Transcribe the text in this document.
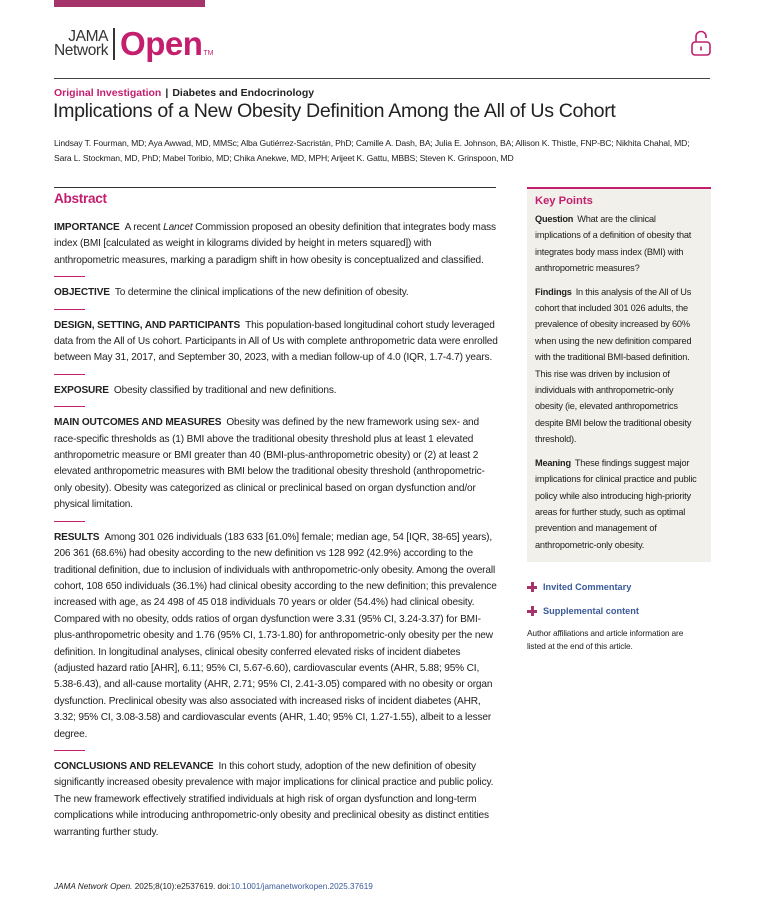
JAMA
Network Open TM
Original Investigation | Diabetes and Endocrinology
Implications of a New Obesity Definition Among the All of Us Cohort
Lindsay T. Fourman, MD; Aya Awwad, MD, MMSc; Alba Gutiérrez-Sacristán, PhD; Camille A. Dash, BA; Julia E. Johnson, BA; Allison K. Thistle, FNP-BC; Nikhita Chahal, MD;
Sara L. Stockman, MD, PhD; Mabel Toribio, MD; Chika Anekwe, MD, MPH; Arijeet K. Gattu, MBBS; Steven K. Grinspoon, MD
Abstract

IMPORTANCE A recent Lancet Commission proposed an obesity definition that integrates body mass index (BMI [calculated as weight in kilograms divided by height in meters squared]) with anthropometric measures, marking a paradigm shift in how obesity is conceptualized and classified.

OBJECTIVE To determine the clinical implications of the new definition of obesity.

DESIGN, SETTING, AND PARTICIPANTS This population-based longitudinal cohort study leveraged data from the All of Us cohort. Participants in All of Us with complete anthropometric data were enrolled between May 31, 2017, and September 30, 2023, with a median follow-up of 4.0 (IQR, 1.7-4.7) years.

EXPOSURE Obesity classified by traditional and new definitions.

MAIN OUTCOMES AND MEASURES Obesity was defined by the new framework using sex- and race-specific thresholds as (1) BMI above the traditional obesity threshold plus at least 1 elevated anthropometric measure or BMI greater than 40 (BMI-plus-anthropometric obesity) or (2) at least 2 elevated anthropometric measures with BMI below the traditional obesity threshold (anthropometric-only obesity). Obesity was categorized as clinical or preclinical based on organ dysfunction and/or physical limitation.

RESULTS Among 301 026 individuals (183 633 [61.0%] female; median age, 54 [IQR, 38-65] years), 206 361 (68.6%) had obesity according to the new definition vs 128 992 (42.9%) according to the traditional definition, due to inclusion of individuals with anthropometric-only obesity. Among the overall cohort, 108 650 individuals (36.1%) had clinical obesity according to the new definition; this prevalence increased with age, as 24 498 of 45 018 individuals 70 years or older (54.4%) had clinical obesity. Compared with no obesity, odds ratios of organ dysfunction were 3.31 (95% CI, 3.24-3.37) for BMI-plus-anthropometric obesity and 1.76 (95% CI, 1.73-1.80) for anthropometric-only obesity per the new definition. In longitudinal analyses, clinical obesity conferred elevated risks of incident diabetes (adjusted hazard ratio [AHR], 6.11; 95% CI, 5.67-6.60), cardiovascular events (AHR, 5.88; 95% CI, 5.38-6.43), and all-cause mortality (AHR, 2.71; 95% CI, 2.41-3.05) compared with no obesity or organ dysfunction. Preclinical obesity was also associated with increased risks of incident diabetes (AHR, 3.32; 95% CI, 3.08-3.58) and cardiovascular events (AHR, 1.40; 95% CI, 1.27-1.55), albeit to a lesser degree.

CONCLUSIONS AND RELEVANCE In this cohort study, adoption of the new definition of obesity significantly increased obesity prevalence with major implications for clinical practice and public policy. The new framework effectively stratified individuals at high risk of organ dysfunction and long-term complications while introducing anthropometric-only obesity and preclinical obesity as distinct entities warranting further study.

Key Points

Question What are the clinical implications of a definition of obesity that integrates body mass index (BMI) with anthropometric measures?

Findings In this analysis of the All of Us cohort that included 301 026 adults, the prevalence of obesity increased by 60% when using the new definition compared with the traditional BMI-based definition. This rise was driven by inclusion of individuals with anthropometric-only obesity (ie, elevated anthropometrics despite BMI below the traditional obesity threshold).

Meaning These findings suggest major implications for clinical practice and public policy while also introducing high-priority areas for further study, such as optimal prevention and management of anthropometric-only obesity.

Invited Commentary
Supplemental content
Author affiliations and article information are
listed at the end of this article.
JAMA Network Open. 2025;8(10):e2537619. doi:10.1001/jamanetworkopen.2025.37619
